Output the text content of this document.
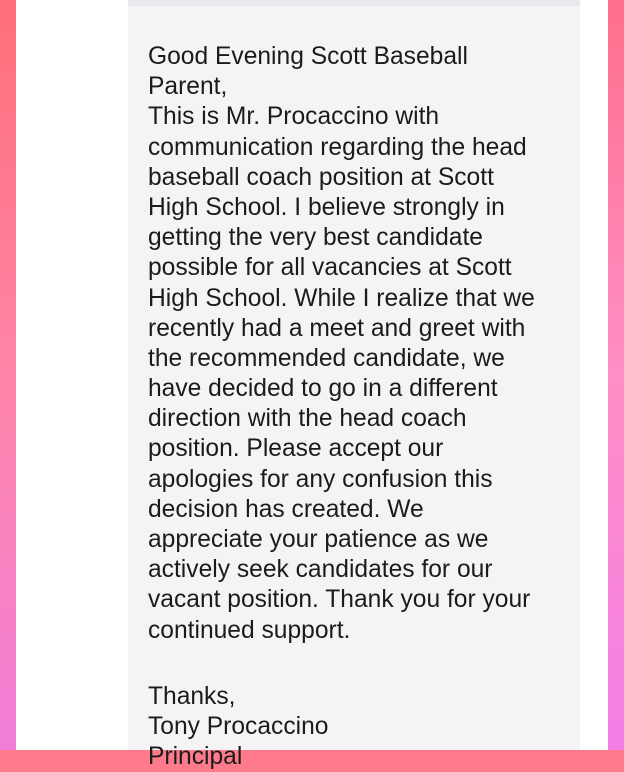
Good Evening Scott Baseball
Parent,
This is Mr. Procaccino with
communication regarding the head
baseball coach position at Scott
High School. I believe strongly in
getting the very best candidate
possible for all vacancies at Scott
High School. While I realize that we
recently had a meet and greet with
the recommended candidate, we
have decided to go in a different
direction with the head coach
position. Please accept our
apologies for any confusion this
decision has created. We
appreciate your patience as we
actively seek candidates for our
vacant position. Thank you for your
continued support.
Thanks,
Tony Procaccino
Principal
